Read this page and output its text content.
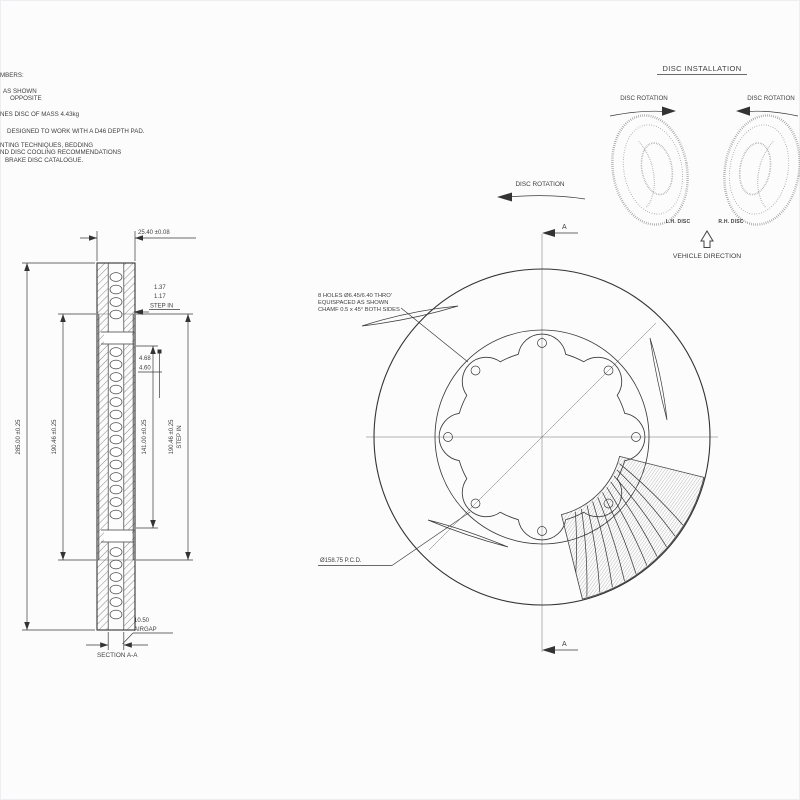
MBERS:
AS SHOWN
OPPOSITE
NES DISC OF MASS 4.43kg
DESIGNED TO WORK WITH A D46 DEPTH PAD.
NTING TECHNIQUES, BEDDING
ND DISC COOLING RECOMMENDATIONS
BRAKE DISC CATALOGUE.
DISC INSTALLATION
DISC ROTATION	DISC ROTATION
L.H. DISC	R.H. DISC
VEHICLE DIRECTION
DISC ROTATION
A
A
8 HOLES Ø6.45/6.40 THRO'
EQUISPACED AS SHOWN
CHAMF 0.5 x 45° BOTH SIDES
Ø158.75 P.C.D.
25.40 ±0.08
1.37
1.17
STEP IN
4.68
4.60
285.00 ±0.25	190.46 ±0.25	141.00 ±0.25	190.46 ±0.25 STEP IN
10.50
AIRGAP
SECTION A-A
